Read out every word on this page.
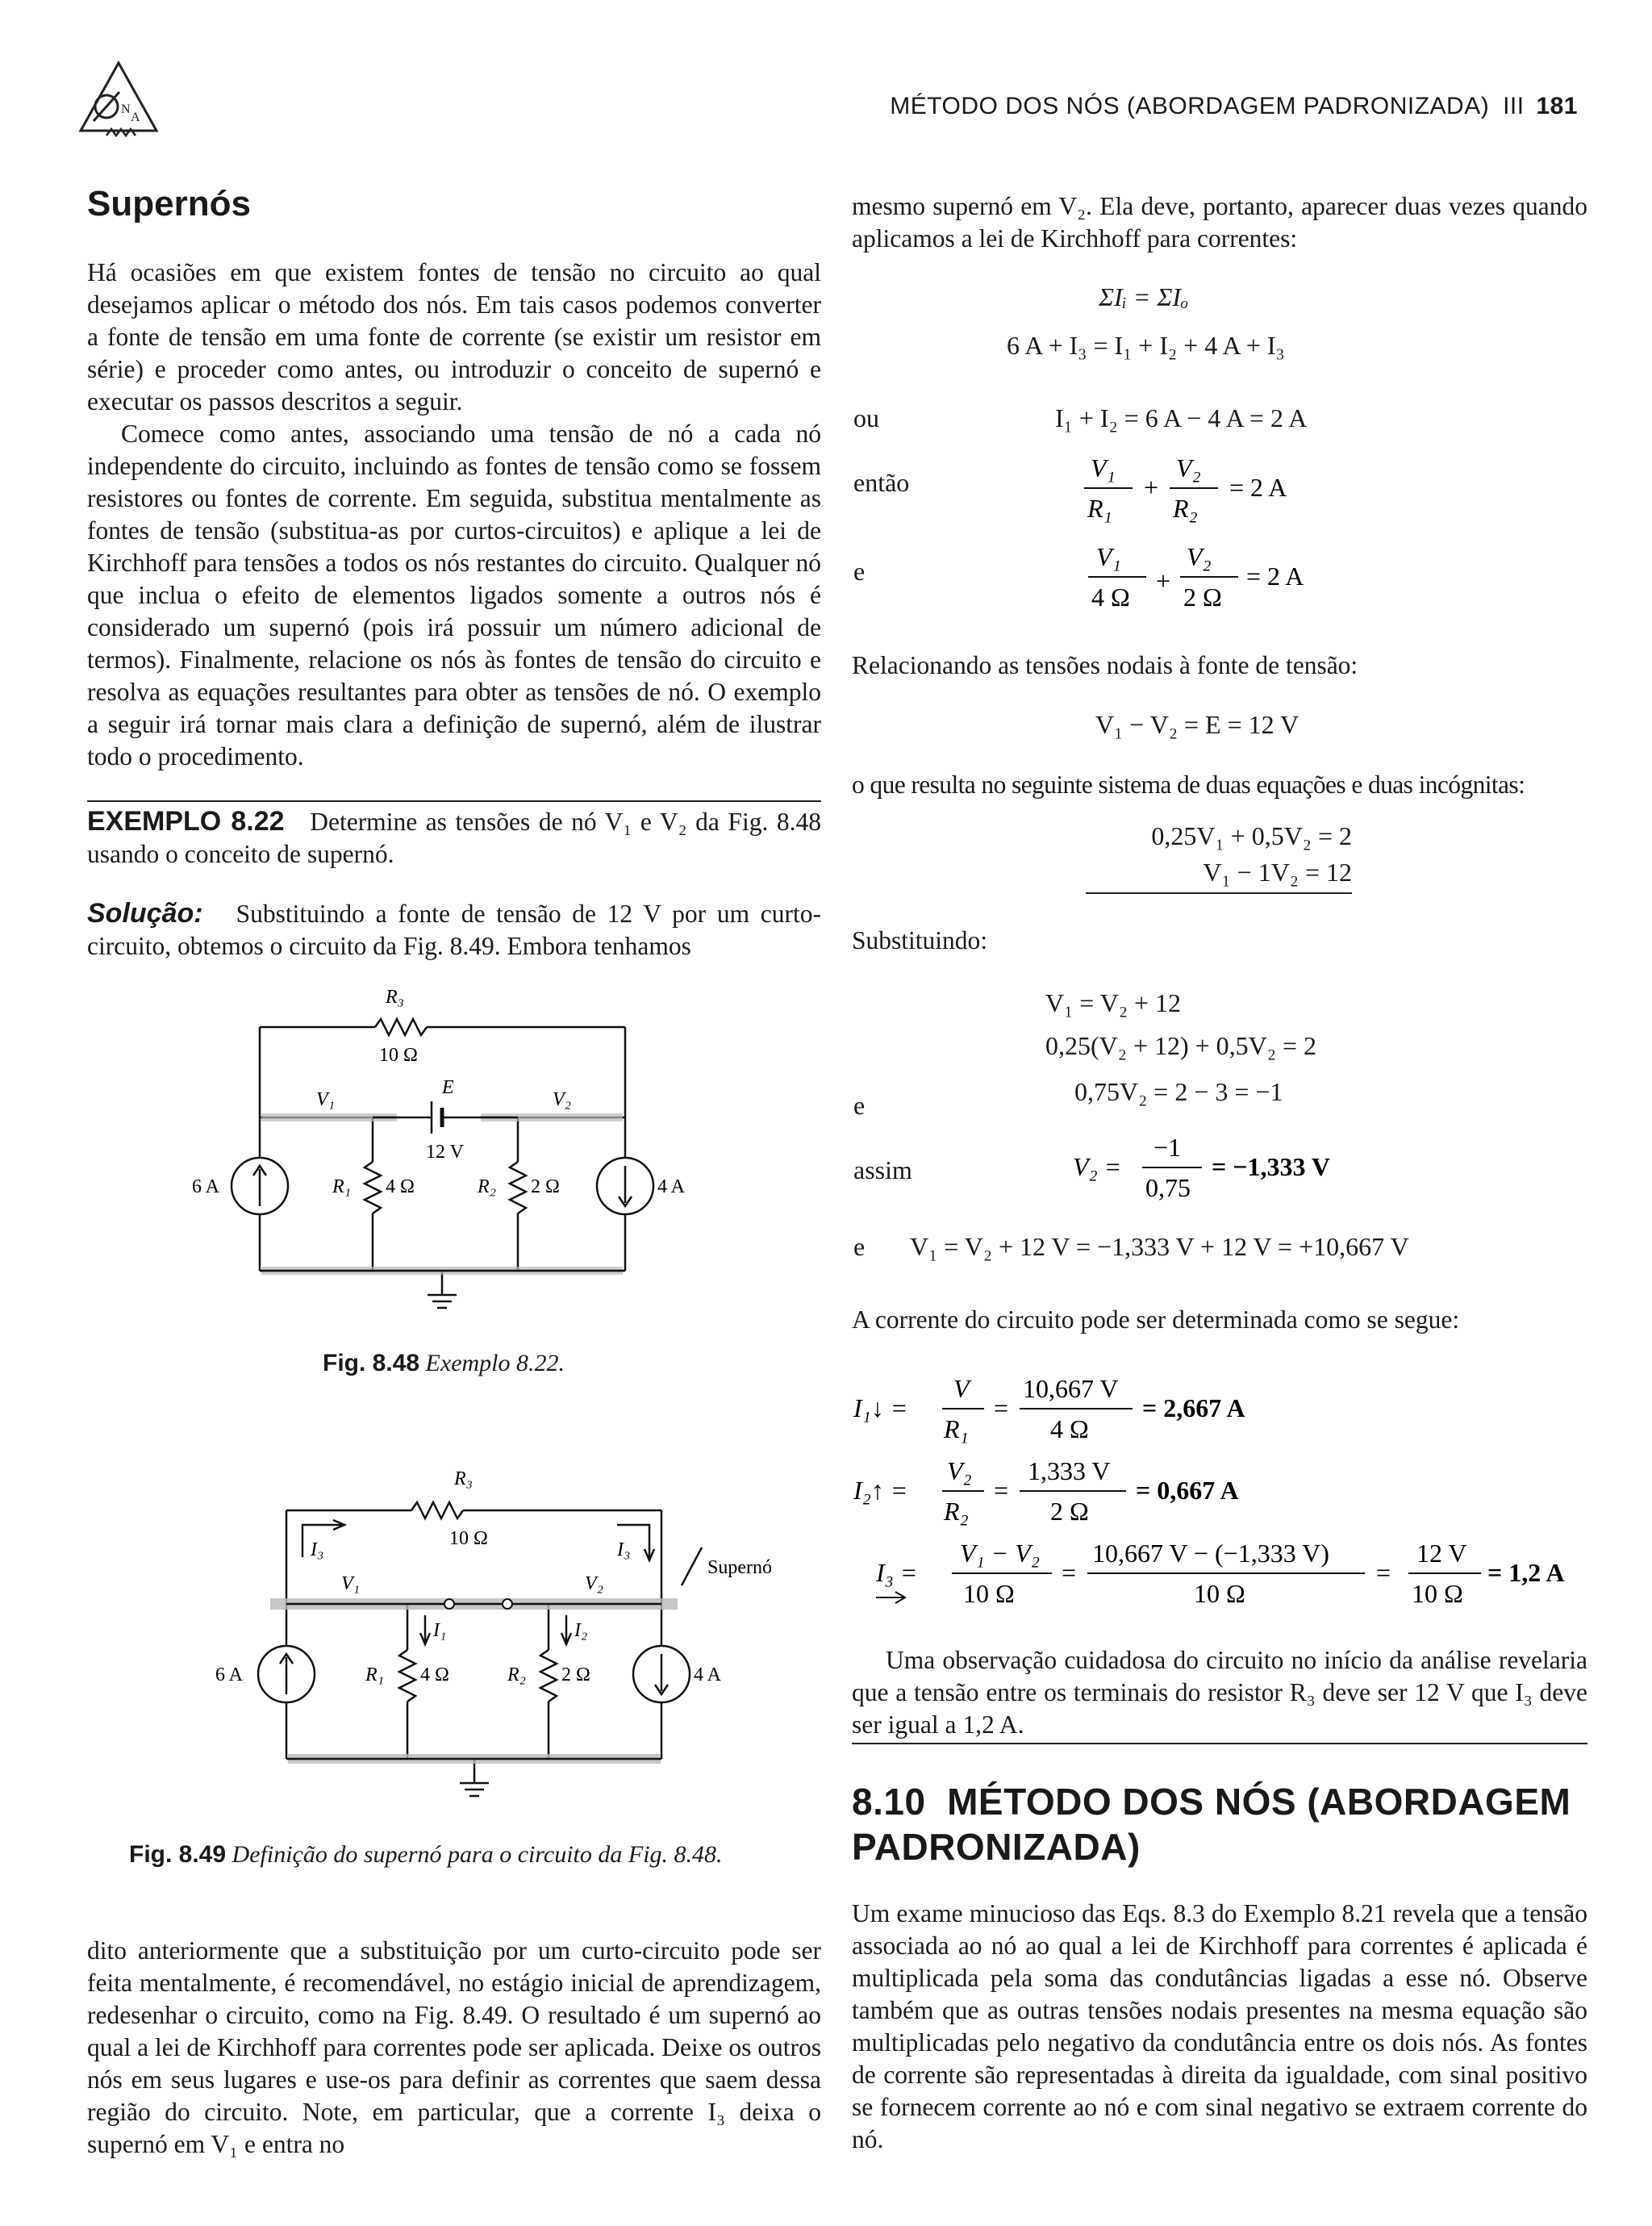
N
A	MÉTODO DOS NÓS (ABORDAGEM PADRONIZADA) III 181
Supernós

Há ocasiões em que existem fontes de tensão no circuito ao qual desejamos aplicar o método dos nós. Em tais casos podemos converter a fonte de tensão em uma fonte de corrente (se existir um resistor em série) e proceder como antes, ou introduzir o conceito de supernó e executar os passos descritos a seguir.

Comece como antes, associando uma tensão de nó a cada nó independente do circuito, incluindo as fontes de tensão como se fossem resistores ou fontes de corrente. Em seguida, substitua mentalmente as fontes de tensão (substitua-as por curtos-circuitos) e aplique a lei de Kirchhoff para tensões a todos os nós restantes do circuito. Qualquer nó que inclua o efeito de elementos ligados somente a outros nós é considerado um supernó (pois irá possuir um número adicional de termos). Finalmente, relacione os nós às fontes de tensão do circuito e resolva as equações resultantes para obter as tensões de nó. O exemplo a seguir irá tornar mais clara a definição de supernó, além de ilustrar todo o procedimento.

EXEMPLO 8.22 Determine as tensões de nó V₁ e V₂ da Fig. 8.48 usando o conceito de supernó.

Solução: Substituindo a fonte de tensão de 12 V por um curto-circuito, obtemos o circuito da Fig. 8.49. Embora tenhamos

R₃
10 Ω
E
12 V
V₁	V₂
6 A	4 A
R₁ 4 Ω	R₂ 2 Ω
Fig. 8.48 Exemplo 8.22.
R₃
10 Ω
I₃	I₃
V₁	V₂
Supernó
I₁	I₂
6 A	4 A
R₁ 4 Ω	R₂ 2 Ω
Fig. 8.49 Definição do supernó para o circuito da Fig. 8.48.

dito anteriormente que a substituição por um curto-circuito pode ser feita mentalmente, é recomendável, no estágio inicial de aprendizagem, redesenhar o circuito, como na Fig. 8.49. O resultado é um supernó ao qual a lei de Kirchhoff para correntes pode ser aplicada. Deixe os outros nós em seus lugares e use-os para definir as correntes que saem dessa região do circuito. Note, em particular, que a corrente I₃ deixa o supernó em V₁ e entra no

mesmo supernó em V₂. Ela deve, portanto, aparecer duas vezes quando aplicamos a lei de Kirchhoff para correntes:

ΣIᵢ = ΣIₒ
6 A + I₃ = I₁ + I₂ + 4 A + I₃
ou	I₁ + I₂ = 6 A − 4 A = 2 A
então	V₁
R₁
+
V₂
R₂
= 2 A
e	V₁
4 Ω
+
V₂
2 Ω
= 2 A

Relacionando as tensões nodais à fonte de tensão:

V₁ − V₂ = E = 12 V

o que resulta no seguinte sistema de duas equações e duas incógnitas:

0,25V₁ + 0,5V₂ = 2
V₁ − 1V₂ = 12

Substituindo:

V₁ = V₂ + 12
0,25(V₂ + 12) + 0,5V₂ = 2
e	0,75V₂ = 2 − 3 = −1
assim	V₂ =
−1
0,75
= −1,333 V
e V₁ = V₂ + 12 V = −1,333 V + 12 V = +10,667 V

A corrente do circuito pode ser determinada como se segue:

I₁↓ =
V
R₁
=
10,667 V
4 Ω
= 2,667 A
I₂↑ =
V₂
R₂
=
1,333 V
2 Ω
= 0,667 A
I₃ =
V₁ − V₂
10 Ω
=
10,667 V − (−1,333 V)
10 Ω
=
12 V
10 Ω
= 1,2 A

Uma observação cuidadosa do circuito no início da análise revelaria que a tensão entre os terminais do resistor R₃ deve ser 12 V que I₃ deve ser igual a 1,2 A.

8.10 MÉTODO DOS NÓS (ABORDAGEM PADRONIZADA)

Um exame minucioso das Eqs. 8.3 do Exemplo 8.21 revela que a tensão associada ao nó ao qual a lei de Kirchhoff para correntes é aplicada é multiplicada pela soma das condutâncias ligadas a esse nó. Observe também que as outras tensões nodais presentes na mesma equação são multiplicadas pelo negativo da condutância entre os dois nós. As fontes de corrente são representadas à direita da igualdade, com sinal positivo se fornecem corrente ao nó e com sinal negativo se extraem corrente do nó.
